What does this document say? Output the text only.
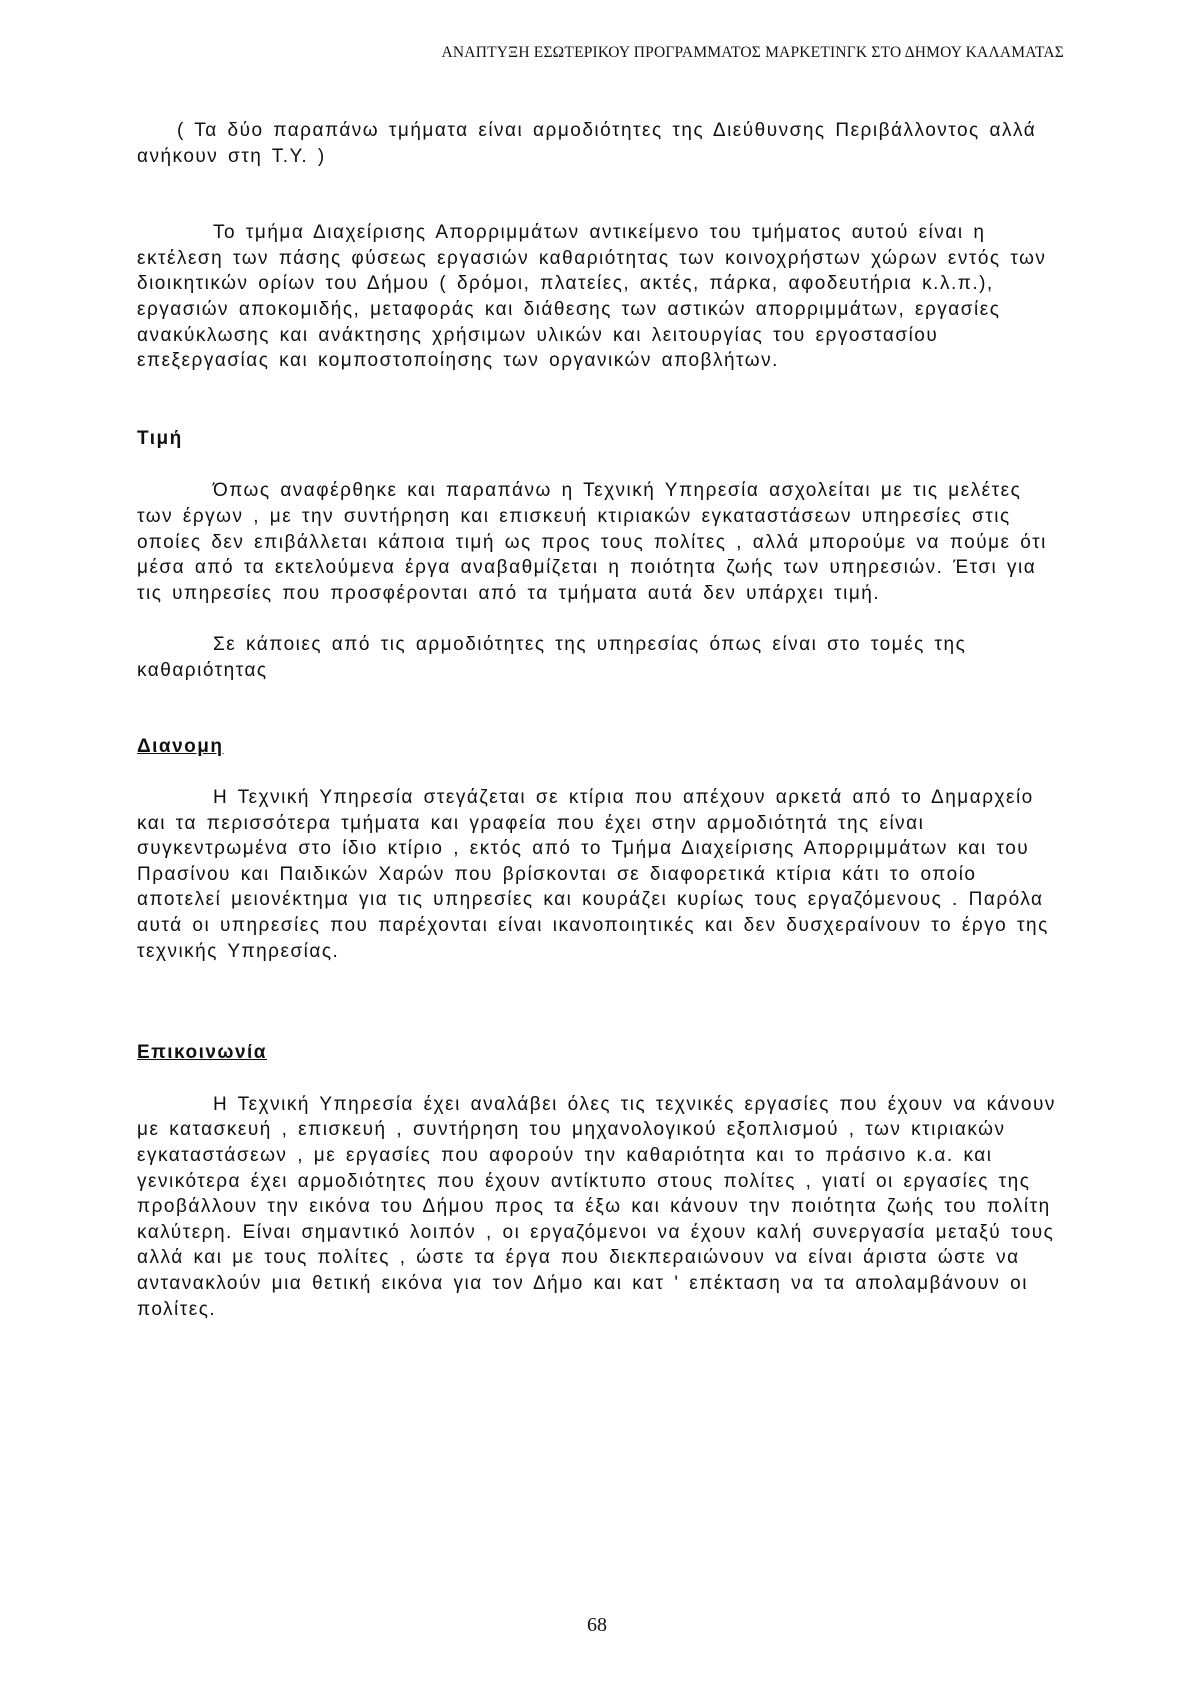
ΑΝΑΠΤΥΞΗ ΕΣΩΤΕΡΙΚΟΥ ΠΡΟΓΡΑΜΜΑΤΟΣ ΜΑΡΚΕΤΙΝΓΚ ΣΤΟ ΔΗΜΟΥ ΚΑΛΑΜΑΤΑΣ

( Τα δύο παραπάνω τμήματα είναι αρμοδιότητες της Διεύθυνσης Περιβάλλοντος αλλά ανήκουν στη Τ.Υ. )

Το τμήμα Διαχείρισης Απορριμμάτων αντικείμενο του τμήματος αυτού είναι η εκτέλεση των πάσης φύσεως εργασιών καθαριότητας των κοινοχρήστων χώρων εντός των διοικητικών ορίων του Δήμου ( δρόμοι, πλατείες, ακτές, πάρκα, αφοδευτήρια κ.λ.π.), εργασιών αποκομιδής, μεταφοράς και διάθεσης των αστικών απορριμμάτων, εργασίες ανακύκλωσης και ανάκτησης χρήσιμων υλικών και λειτουργίας του εργοστασίου επεξεργασίας και κομποστοποίησης των οργανικών αποβλήτων.

Τιμή

Όπως αναφέρθηκε και παραπάνω η Τεχνική Υπηρεσία ασχολείται με τις μελέτες των έργων , με την συντήρηση και επισκευή κτιριακών εγκαταστάσεων υπηρεσίες στις οποίες δεν επιβάλλεται κάποια τιμή ως προς τους πολίτες , αλλά μπορούμε να πούμε ότι μέσα από τα εκτελούμενα έργα αναβαθμίζεται η ποιότητα ζωής των υπηρεσιών. Έτσι για τις υπηρεσίες που προσφέρονται από τα τμήματα αυτά δεν υπάρχει τιμή.

Σε κάποιες από τις αρμοδιότητες της υπηρεσίας όπως είναι στο τομές της καθαριότητας

Διανομη

Η Τεχνική Υπηρεσία στεγάζεται σε κτίρια που απέχουν αρκετά από το Δημαρχείο και τα περισσότερα τμήματα και γραφεία που έχει στην αρμοδιότητά της είναι συγκεντρωμένα στο ίδιο κτίριο , εκτός από το Τμήμα Διαχείρισης Απορριμμάτων και του Πρασίνου και Παιδικών Χαρών που βρίσκονται σε διαφορετικά κτίρια κάτι το οποίο αποτελεί μειονέκτημα για τις υπηρεσίες και κουράζει κυρίως τους εργαζόμενους . Παρόλα αυτά οι υπηρεσίες που παρέχονται είναι ικανοποιητικές και δεν δυσχεραίνουν το έργο της τεχνικής Υπηρεσίας.

Επικοινωνία

Η Τεχνική Υπηρεσία έχει αναλάβει όλες τις τεχνικές εργασίες που έχουν να κάνουν με κατασκευή , επισκευή , συντήρηση του μηχανολογικού εξοπλισμού , των κτιριακών εγκαταστάσεων , με εργασίες που αφορούν την καθαριότητα και το πράσινο κ.α. και γενικότερα έχει αρμοδιότητες που έχουν αντίκτυπο στους πολίτες , γιατί οι εργασίες της προβάλλουν την εικόνα του Δήμου προς τα έξω και κάνουν την ποιότητα ζωής του πολίτη καλύτερη. Είναι σημαντικό λοιπόν , οι εργαζόμενοι να έχουν καλή συνεργασία μεταξύ τους αλλά και με τους πολίτες , ώστε τα έργα που διεκπεραιώνουν να είναι άριστα ώστε να αντανακλούν μια θετική εικόνα για τον Δήμο και κατ ' επέκταση να τα απολαμβάνουν οι πολίτες.

68
